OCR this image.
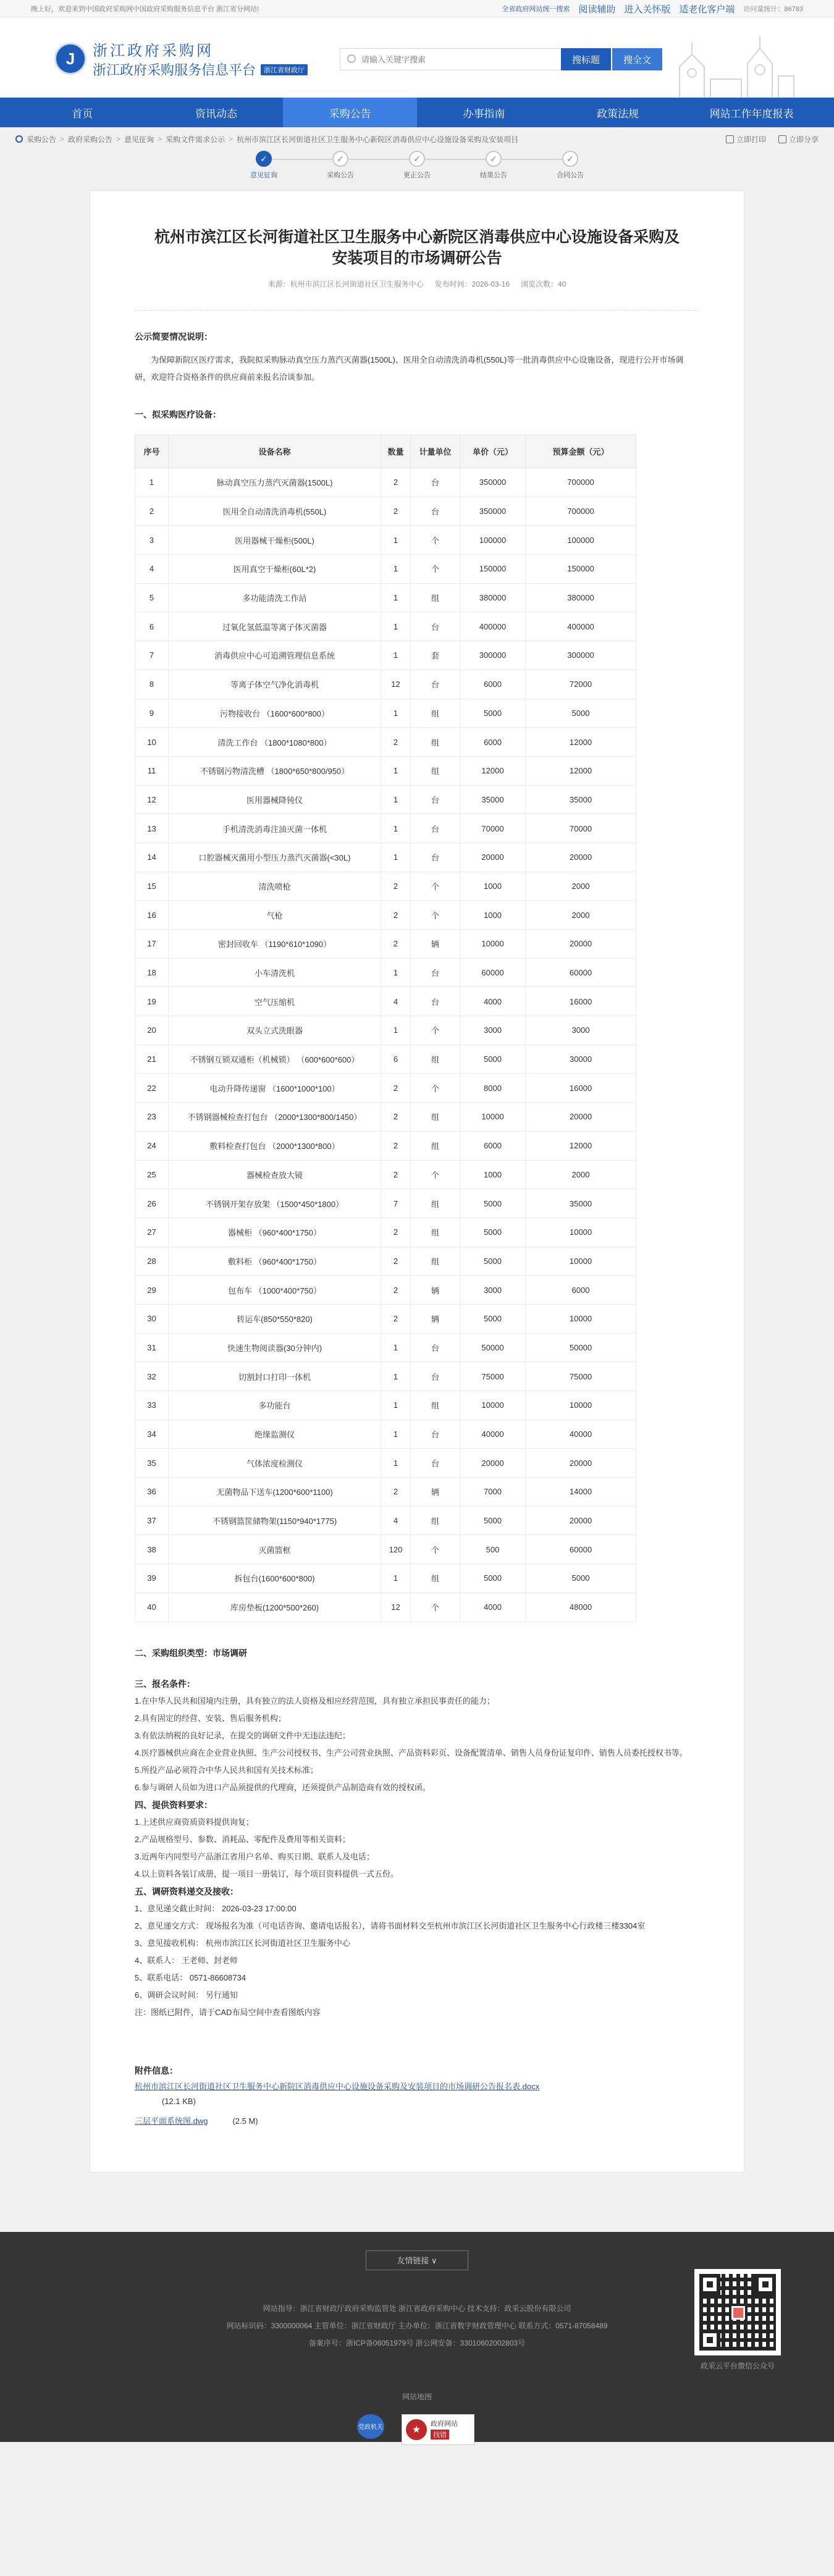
晚上好，欢迎来到中国政府采购网中国政府采购服务信息平台 浙江省分网站!	全省政府网站统一搜索 阅读辅助 进入关怀版 适老化客户端 访问量统计：86783
J	浙江政府采购网
浙江政府采购服务信息平台	浙江省财政厅
请输入关键字搜索
搜标题	搜全文
首页	资讯动态	采购公告	办事指南	政策法规	网站工作年度报表
采购公告 > 政府采购公告 > 意见征询 > 采购文件需求公示 > 杭州市滨江区长河街道社区卫生服务中心新院区消毒供应中心设施设备采购及安装项目	立即打印	立即分享
✓
意见征询
✓
采购公告
✓
更正公告
✓
结果公告
✓
合同公告
杭州市滨江区长河街道社区卫生服务中心新院区消毒供应中心设施设备采购及安装项目的市场调研公告
来源：杭州市滨江区长河街道社区卫生服务中心 发布时间：2026-03-16 浏览次数：40
公示简要情况说明：
为保障新院区医疗需求，我院拟采购脉动真空压力蒸汽灭菌器(1500L)、医用全自动清洗消毒机(550L)等一批消毒供应中心设施设备，现进行公开市场调研，欢迎符合资格条件的供应商前来报名洽谈参加。
一、拟采购医疗设备：
序号	设备名称	数量	计量单位	单价（元）	预算金额（元）
1	脉动真空压力蒸汽灭菌器(1500L)	2	台	350000	700000
2	医用全自动清洗消毒机(550L)	2	台	350000	700000
3	医用器械干燥柜(500L)	1	个	100000	100000
4	医用真空干燥柜(60L*2)	1	个	150000	150000
5	多功能清洗工作站	1	组	380000	380000
6	过氧化氢低温等离子体灭菌器	1	台	400000	400000
7	消毒供应中心可追溯管理信息系统	1	套	300000	300000
8	等离子体空气净化消毒机	12	台	6000	72000
9	污物接收台 （1600*600*800）	1	组	5000	5000
10	清洗工作台 （1800*1080*800）	2	组	6000	12000
11	不锈钢污物清洗槽 （1800*650*800/950）	1	组	12000	12000
12	医用器械降钝仪	1	台	35000	35000
13	手机清洗消毒注油灭菌一体机	1	台	70000	70000
14	口腔器械灭菌用小型压力蒸汽灭菌器(<30L)	1	台	20000	20000
15	清洗喷枪	2	个	1000	2000
16	气枪	2	个	1000	2000
17	密封回收车 （1190*610*1090）	2	辆	10000	20000
18	小车清洗机	1	台	60000	60000
19	空气压缩机	4	台	4000	16000
20	双头立式洗眼器	1	个	3000	3000
21	不锈钢互锁双通柜（机械锁） （600*600*600）	6	组	5000	30000
22	电动升降传递窗 （1600*1000*100）	2	个	8000	16000
23	不锈钢器械检查打包台 （2000*1300*800/1450）	2	组	10000	20000
24	敷料检查打包台 （2000*1300*800）	2	组	6000	12000
25	器械检查放大镜	2	个	1000	2000
26	不锈钢开架存放架 （1500*450*1800）	7	组	5000	35000
27	器械柜 （960*400*1750）	2	组	5000	10000
28	敷料柜 （960*400*1750）	2	组	5000	10000
29	包布车 （1000*400*750）	2	辆	3000	6000
30	转运车(850*550*820)	2	辆	5000	10000
31	快速生物阅读器(30分钟内)	1	台	50000	50000
32	切割封口打印一体机	1	台	75000	75000
33	多功能台	1	组	10000	10000
34	绝缘监测仪	1	台	40000	40000
35	气体浓度检测仪	1	台	20000	20000
36	无菌物品下送车(1200*600*1100)	2	辆	7000	14000
37	不锈钢篮筐储物架(1150*940*1775)	4	组	5000	20000
38	灭菌篮框	120	个	500	60000
39	拆包台(1600*600*800)	1	组	5000	5000
40	库房垫板(1200*500*260)	12	个	4000	48000
二、采购组织类型：市场调研
三、报名条件：
1.在中华人民共和国境内注册，具有独立的法人资格及相应经营范围，具有独立承担民事责任的能力；
2.具有固定的经营、安装、售后服务机构；
3.有依法纳税的良好记录，在提交的调研文件中无违法违纪；
4.医疗器械供应商在企业营业执照、生产公司授权书、生产公司营业执照、产品资料彩页、设备配置清单、销售人员身份证复印件、销售人员委托授权书等。
5.所投产品必须符合中华人民共和国有关技术标准；
6.参与调研人员如为进口产品须提供的代理商，还须提供产品制造商有效的授权函。
四、提供资料要求：
1.上述供应商资质资料提供询复；
2.产品规格型号、参数、消耗品、零配件及费用等相关资料；
3.近两年内同型号产品浙江省用户名单、购买日期、联系人及电话；
4.以上资料各装订成册，提一项目一册装订，每个项目资料提供一式五份。
五、调研资料递交及接收：
1、意见递交截止时间： 2026-03-23 17:00:00
2、意见递交方式： 现场报名为准（可电话咨询、邀请电话报名），请将书面材料交至杭州市滨江区长河街道社区卫生服务中心行政楼三楼3304室
3、意见接收机构： 杭州市滨江区长河街道社区卫生服务中心
4、联系人： 王老师、封老师
5、联系电话： 0571-86608734
6、调研会议时间： 另行通知
注：图纸已附件，请于CAD布局空间中查看图纸内容
附件信息：
杭州市滨江区长河街道社区卫生服务中心新院区消毒供应中心设施设备采购及安装项目的市场调研公告报名表.docx
(12.1 KB)
三层平面系统图.dwg	(2.5 M)
友情链接 ∨
网站指导：浙江省财政厅政府采购监管处 浙江省政府采购中心 技术支持：政采云股份有限公司
网站标识码：3300000064 主管单位：浙江省财政厅 主办单位：浙江省数字财政管理中心 联系方式：0571-87058489
备案序号：浙ICP备06051979号 浙公网安备：33010602002803号
网站地图
党政机关	★
政府网站
找错
政采云平台微信公众号
